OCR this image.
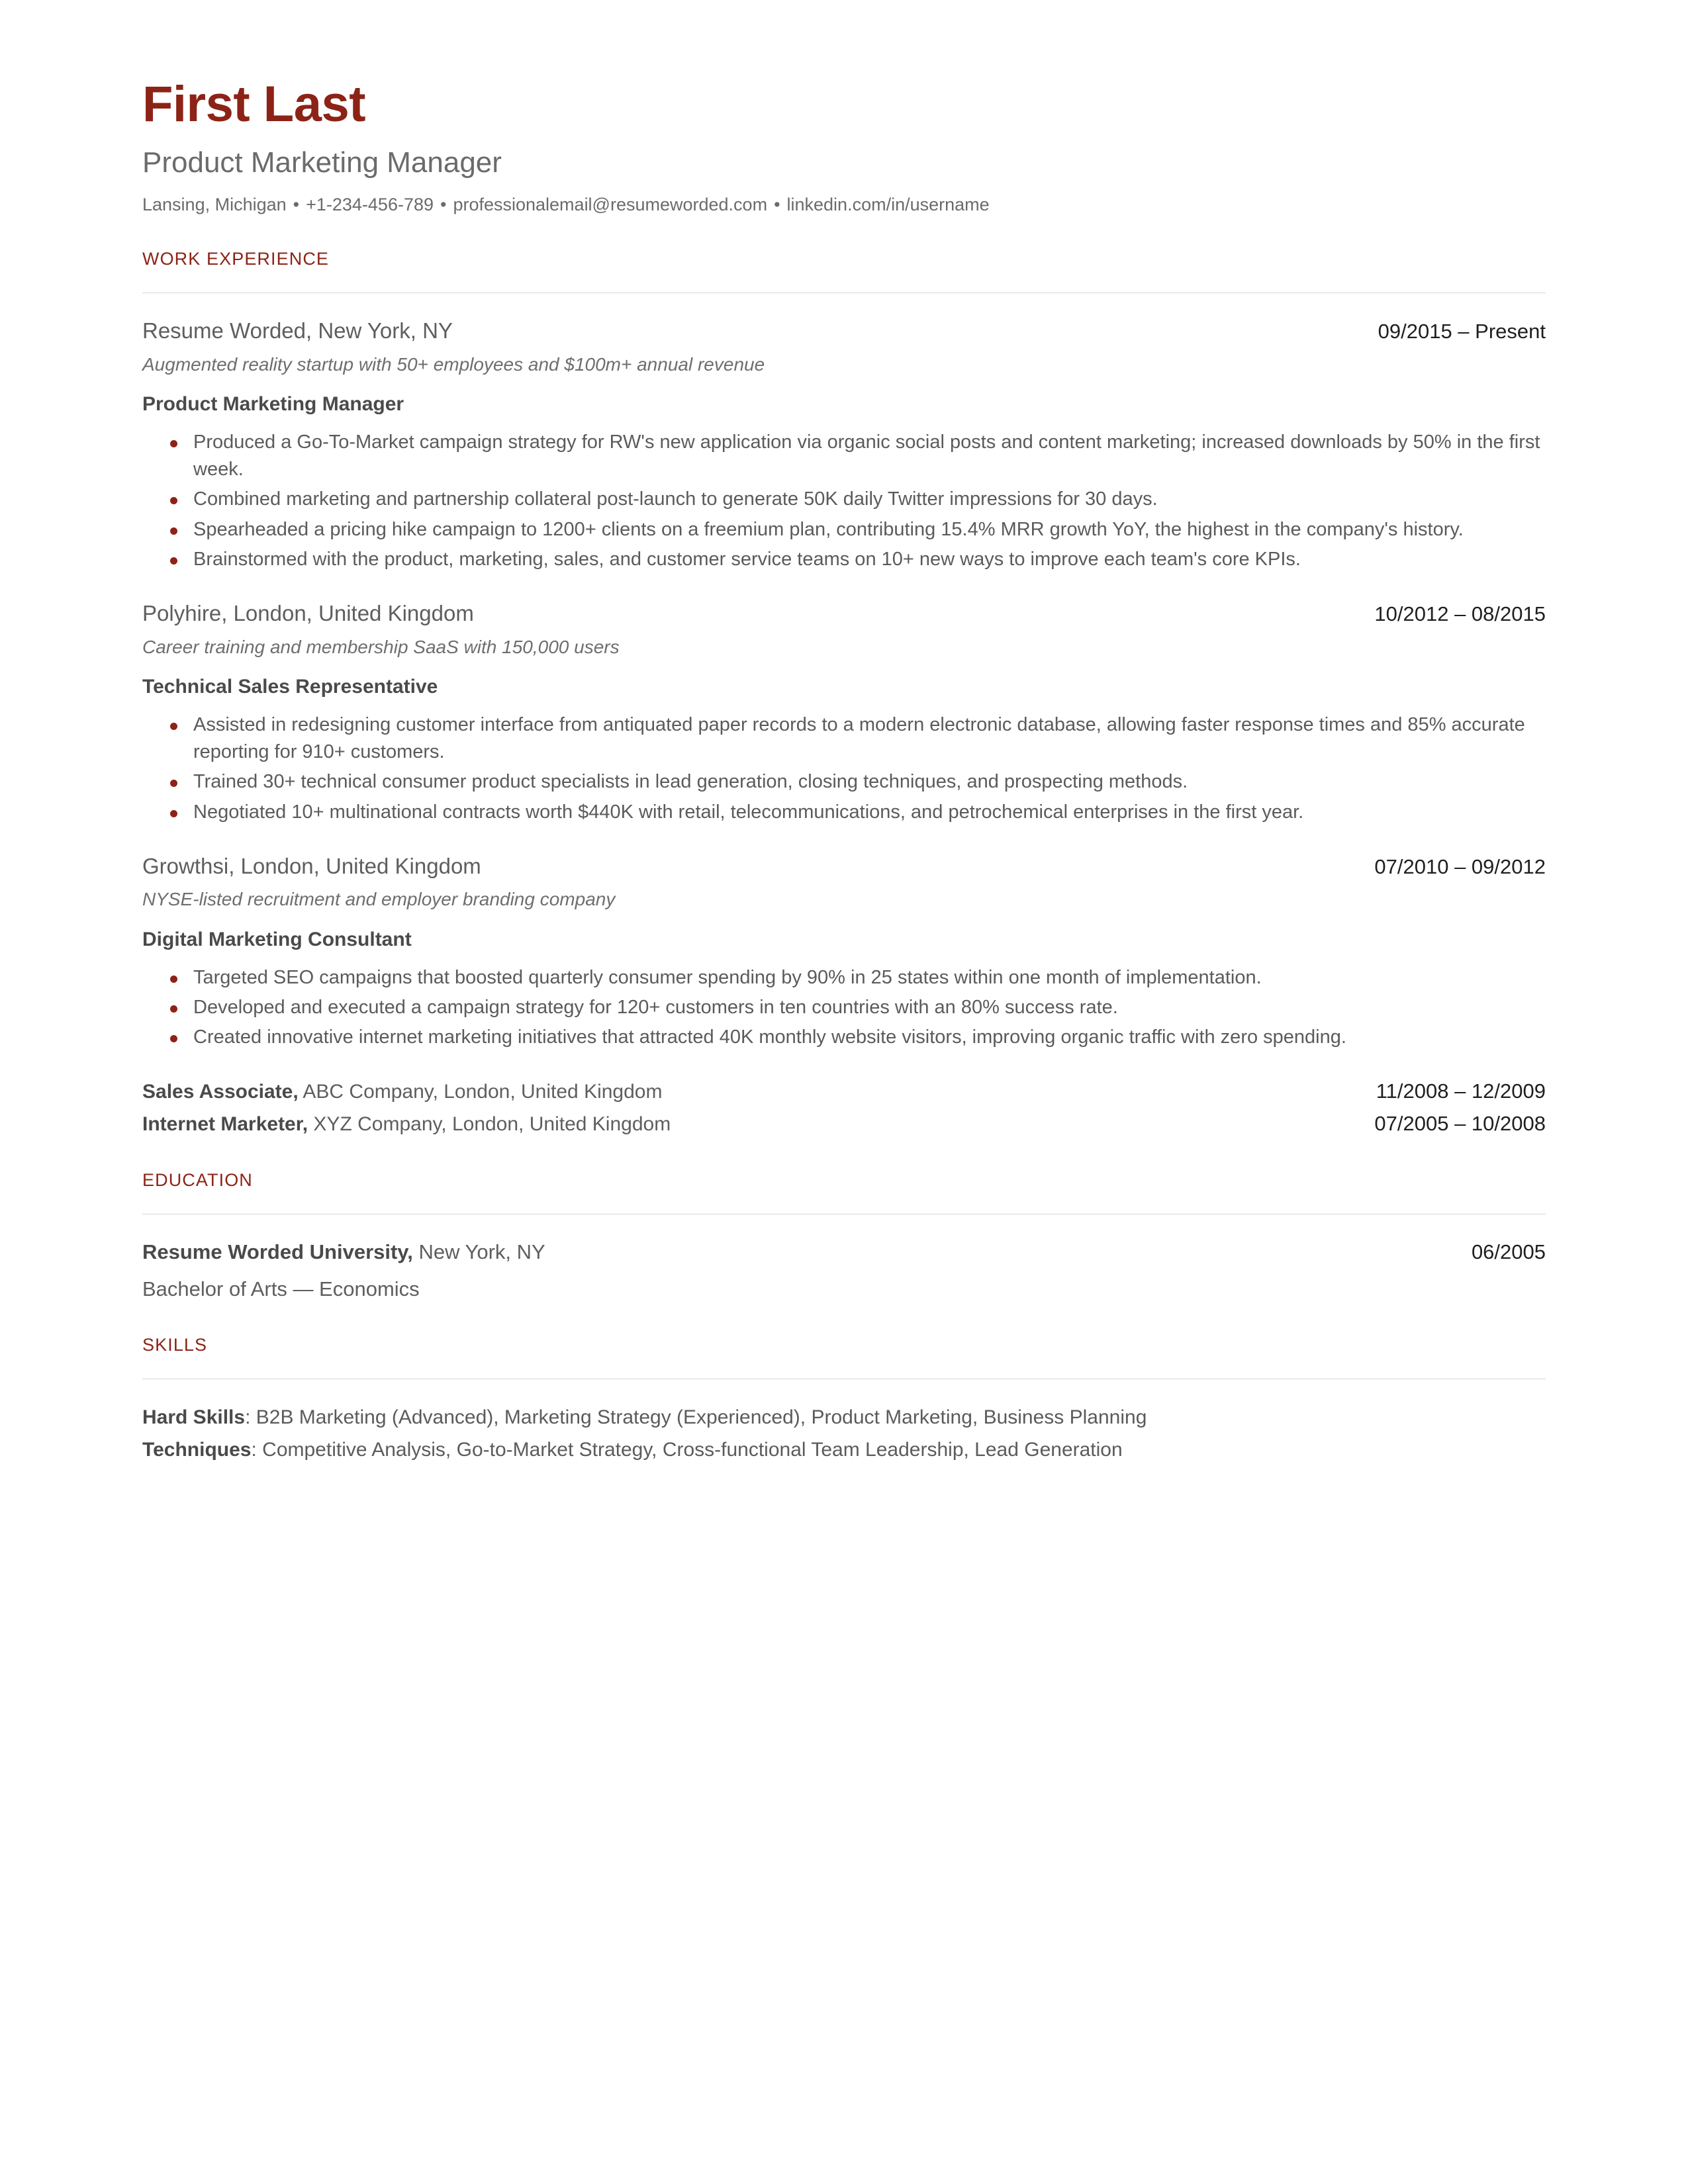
First Last
Product Marketing Manager
Lansing, Michigan • +1-234-456-789 • professionalemail@resumeworded.com • linkedin.com/in/username
WORK EXPERIENCE
Resume Worded, New York, NY	09/2015 – Present
Augmented reality startup with 50+ employees and $100m+ annual revenue
Product Marketing Manager
Produced a Go-To-Market campaign strategy for RW's new application via organic social posts and content marketing; increased downloads by 50% in the first week.
Combined marketing and partnership collateral post-launch to generate 50K daily Twitter impressions for 30 days.
Spearheaded a pricing hike campaign to 1200+ clients on a freemium plan, contributing 15.4% MRR growth YoY, the highest in the company's history.
Brainstormed with the product, marketing, sales, and customer service teams on 10+ new ways to improve each team's core KPIs.
Polyhire, London, United Kingdom	10/2012 – 08/2015
Career training and membership SaaS with 150,000 users
Technical Sales Representative
Assisted in redesigning customer interface from antiquated paper records to a modern electronic database, allowing faster response times and 85% accurate reporting for 910+ customers.
Trained 30+ technical consumer product specialists in lead generation, closing techniques, and prospecting methods.
Negotiated 10+ multinational contracts worth $440K with retail, telecommunications, and petrochemical enterprises in the first year.
Growthsi, London, United Kingdom	07/2010 – 09/2012
NYSE-listed recruitment and employer branding company
Digital Marketing Consultant
Targeted SEO campaigns that boosted quarterly consumer spending by 90% in 25 states within one month of implementation.
Developed and executed a campaign strategy for 120+ customers in ten countries with an 80% success rate.
Created innovative internet marketing initiatives that attracted 40K monthly website visitors, improving organic traffic with zero spending.
Sales Associate, ABC Company, London, United Kingdom	11/2008 – 12/2009
Internet Marketer, XYZ Company, London, United Kingdom	07/2005 – 10/2008
EDUCATION
Resume Worded University, New York, NY	06/2005
Bachelor of Arts — Economics
SKILLS
Hard Skills: B2B Marketing (Advanced), Marketing Strategy (Experienced), Product Marketing, Business Planning
Techniques: Competitive Analysis, Go-to-Market Strategy, Cross-functional Team Leadership, Lead Generation
